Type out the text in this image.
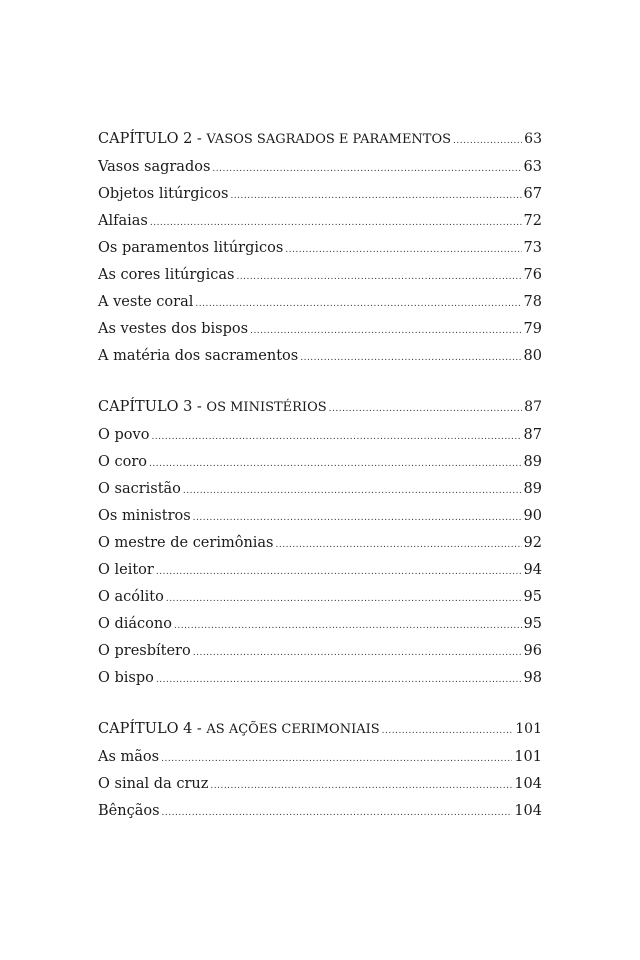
CAPÍTULO 2 - VASOS SAGRADOS E PARAMENTOS .....	63
Vasos sagrados .....	63
Objetos litúrgicos .....	67
Alfaias .....	72
Os paramentos litúrgicos .....	73
As cores litúrgicas .....	76
A veste coral .....	78
As vestes dos bispos .....	79
A matéria dos sacramentos .....	80
CAPÍTULO 3 - OS MINISTÉRIOS .....	87
O povo .....	87
O coro .....	89
O sacristão .....	89
Os ministros .....	90
O mestre de cerimônias .....	92
O leitor .....	94
O acólito .....	95
O diácono .....	95
O presbítero .....	96
O bispo .....	98
CAPÍTULO 4 - AS AÇÕES CERIMONIAIS .....	101
As mãos .....	101
O sinal da cruz .....	104
Bênçãos .....	104
